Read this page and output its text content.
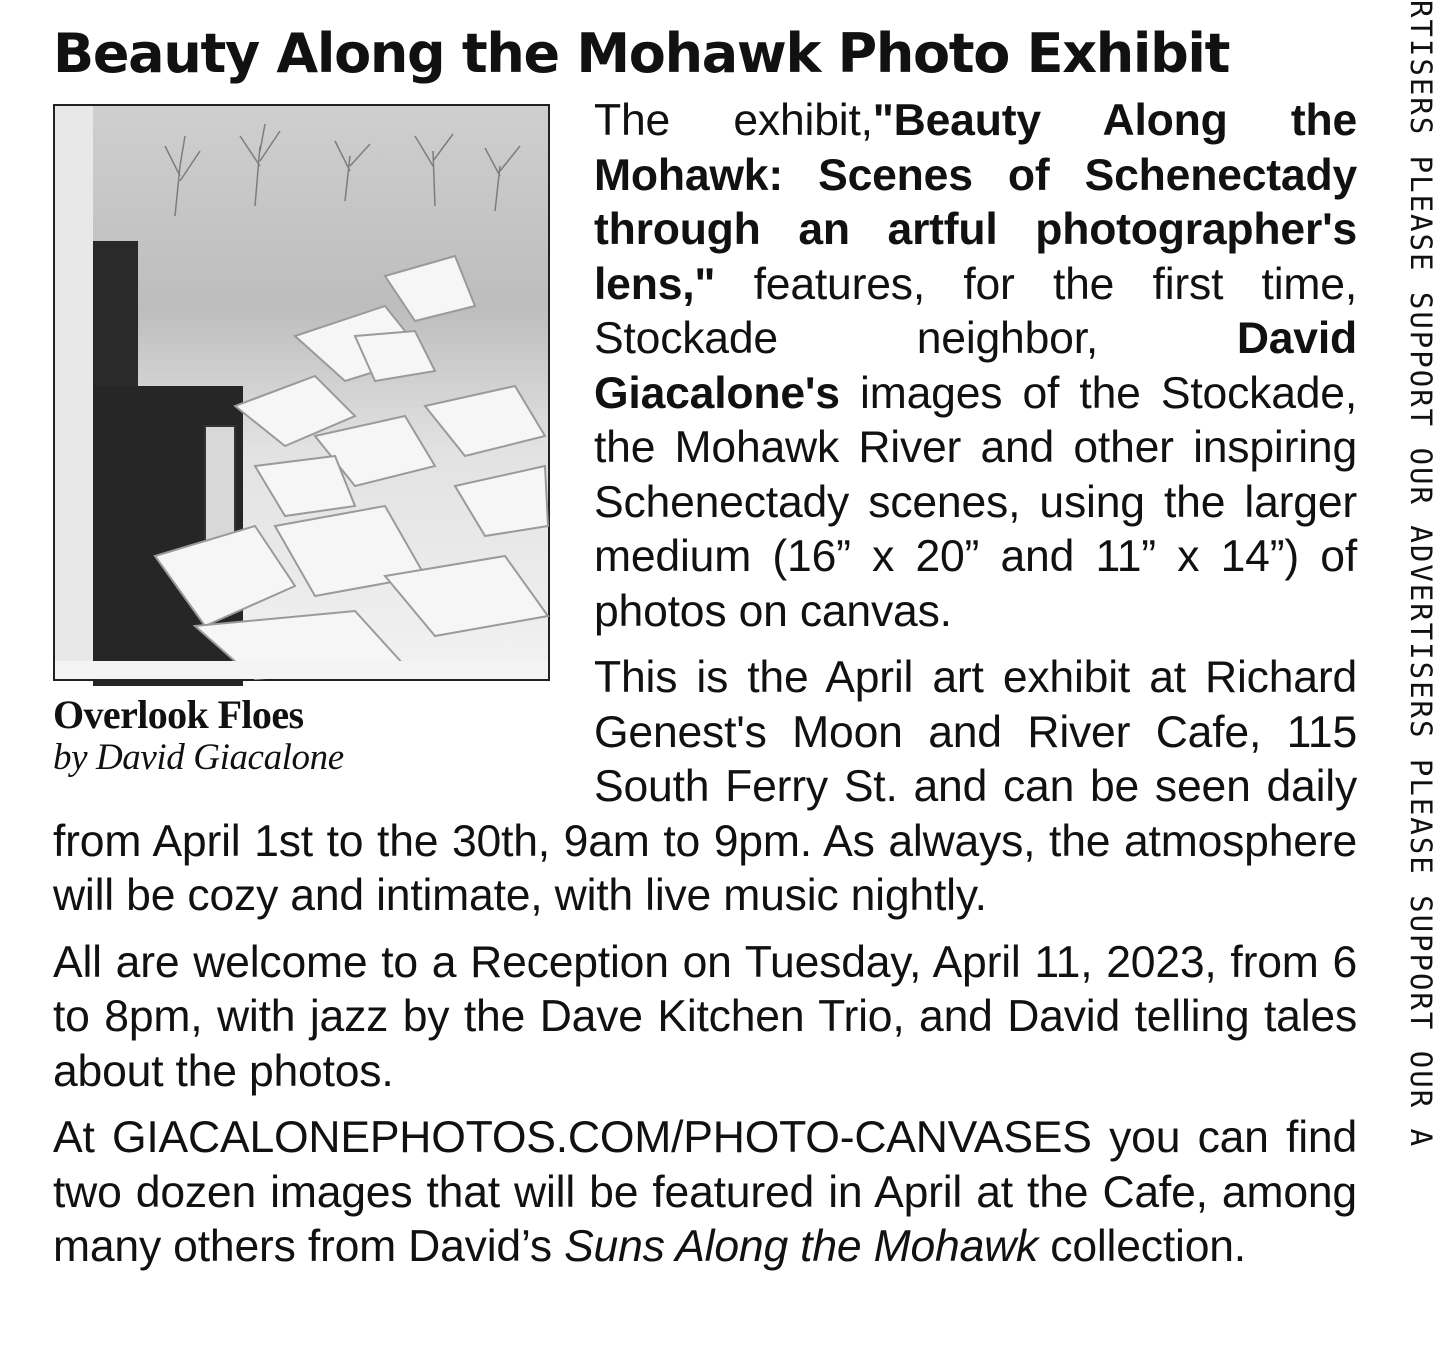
Beauty Along the Mohawk Photo Exhibit
Overlook Floes
by David Giacalone

The exhibit,"Beauty Along the Mohawk: Scenes of Schenectady through an artful photographer's lens," features, for the first time, Stockade neighbor, David Giacalone's images of the Stockade, the Mohawk River and other inspiring Schenectady scenes, using the larger medium (16” x 20” and 11” x 14”) of photos on canvas.

This is the April art exhibit at Richard Genest's Moon and River Cafe, 115 South Ferry St. and can be seen daily from April 1st to the 30th, 9am to 9pm. As always, the atmosphere will be cozy and intimate, with live music nightly.

All are welcome to a Reception on Tuesday, April 11, 2023, from 6 to 8pm, with jazz by the Dave Kitchen Trio, and David telling tales about the photos.

At GIACALONEPHOTOS.COM/PHOTO-CANVASES you can find two dozen images that will be featured in April at the Cafe, among many others from David’s Suns Along the Mohawk collection.

RTISERS PLEASE SUPPORT OUR ADVERTISERS PLEASE SUPPORT OUR A
